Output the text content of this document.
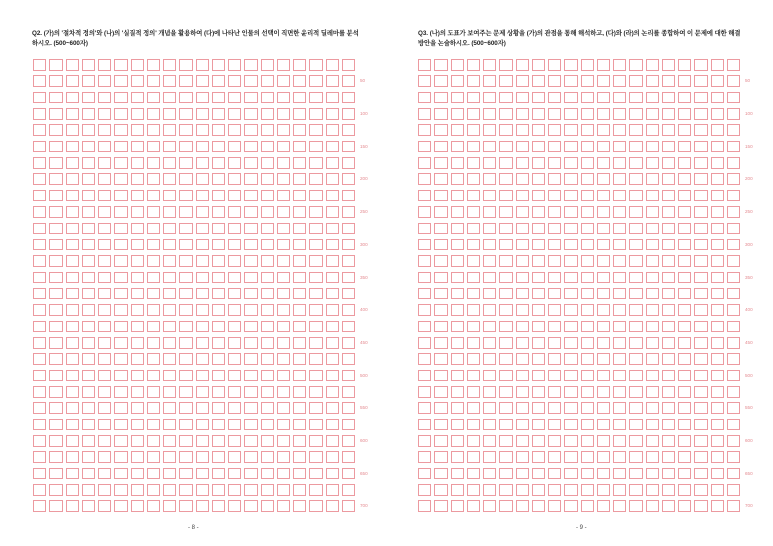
Q2. (가)의 '절차적 정의'와 (나)의 '실질적 정의' 개념을 활용하여 (다)에 나타난 인물의 선택이 직면한 윤리적 딜레마를 분석하시오. (500~600자)
50
100
150
200
250
300
350
400
450
500
550
600
650
700
- 8 -
Q3. (나)의 도표가 보여주는 문제 상황을 (가)의 관점을 통해 해석하고, (다)와 (라)의 논리를 종합하여 이 문제에 대한 해결 방안을 논술하시오. (500~600자)
50
100
150
200
250
300
350
400
450
500
550
600
650
700
- 9 -
